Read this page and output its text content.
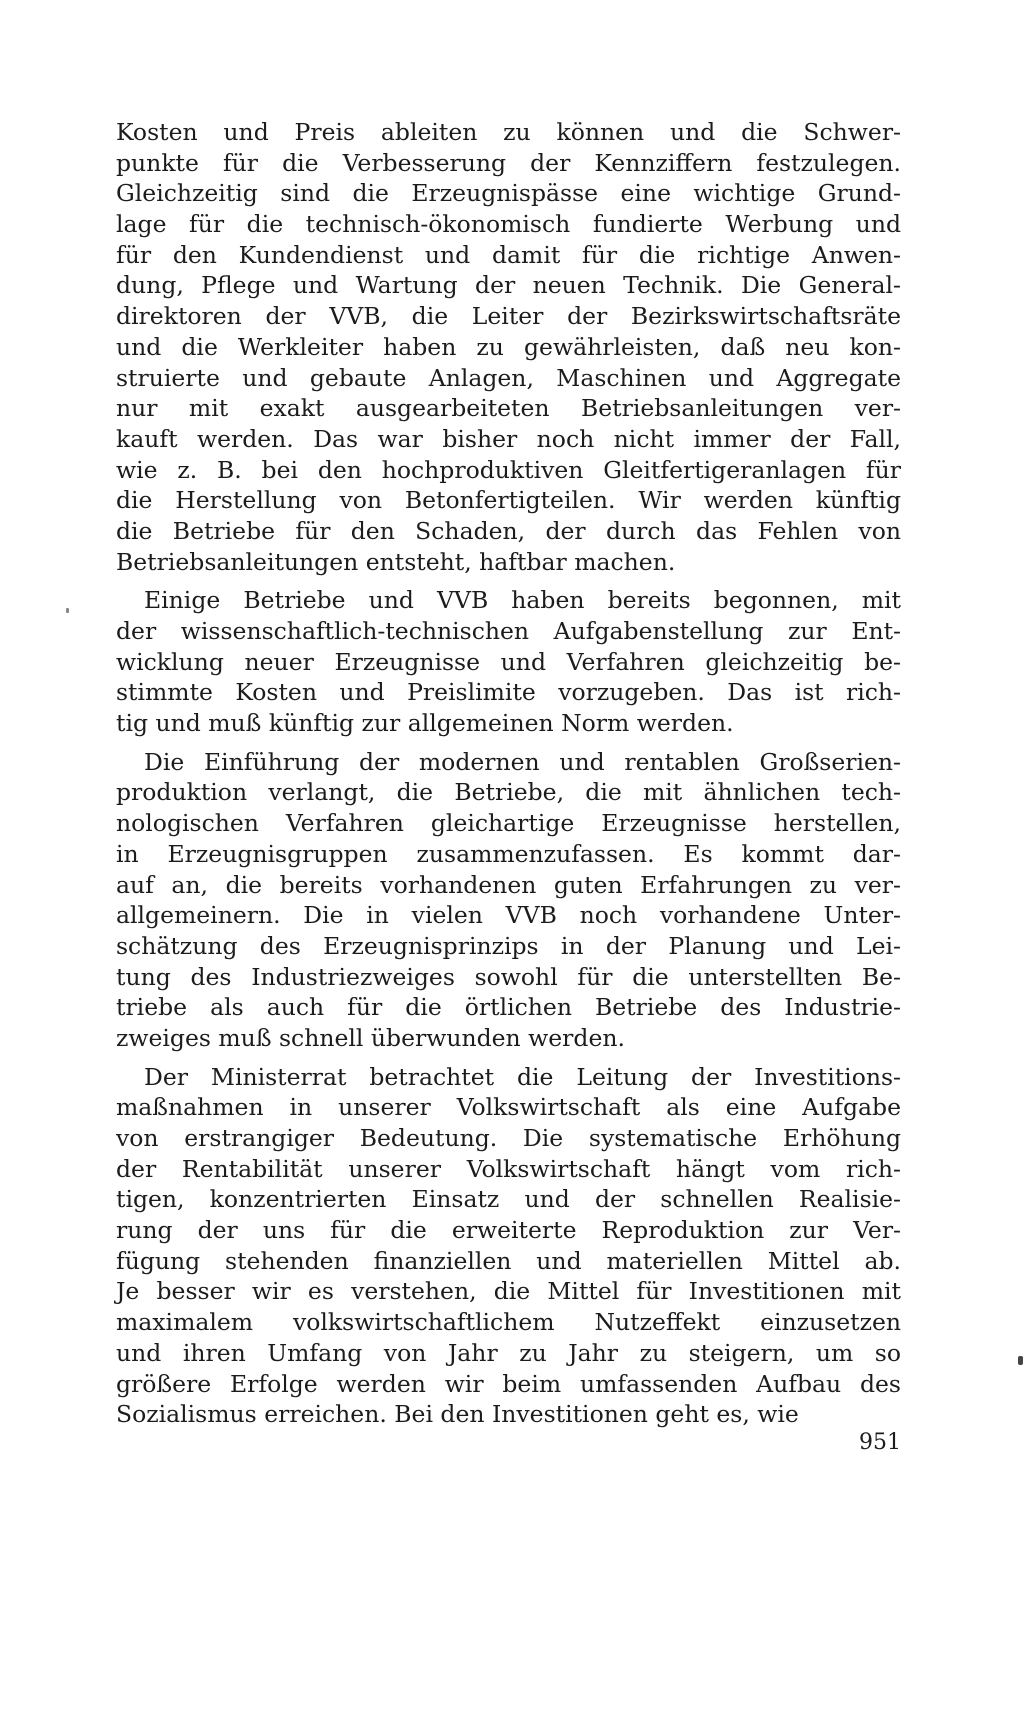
Kosten und Preis ableiten zu können und die Schwer-
punkte für die Verbesserung der Kennziffern festzulegen.
Gleichzeitig sind die Erzeugnispässe eine wichtige Grund-
lage für die technisch-ökonomisch fundierte Werbung und
für den Kundendienst und damit für die richtige Anwen-
dung, Pflege und Wartung der neuen Technik. Die General-
direktoren der VVB, die Leiter der Bezirkswirtschaftsräte
und die Werkleiter haben zu gewährleisten, daß neu kon-
struierte und gebaute Anlagen, Maschinen und Aggregate
nur mit exakt ausgearbeiteten Betriebsanleitungen ver-
kauft werden. Das war bisher noch nicht immer der Fall,
wie z. B. bei den hochproduktiven Gleitfertigeranlagen für
die Herstellung von Betonfertigteilen. Wir werden künftig
die Betriebe für den Schaden, der durch das Fehlen von
Betriebsanleitungen entsteht, haftbar machen.

Einige Betriebe und VVB haben bereits begonnen, mit
der wissenschaftlich-technischen Aufgabenstellung zur Ent-
wicklung neuer Erzeugnisse und Verfahren gleichzeitig be-
stimmte Kosten und Preislimite vorzugeben. Das ist rich-
tig und muß künftig zur allgemeinen Norm werden.

Die Einführung der modernen und rentablen Großserien-
produktion verlangt, die Betriebe, die mit ähnlichen tech-
nologischen Verfahren gleichartige Erzeugnisse herstellen,
in Erzeugnisgruppen zusammenzufassen. Es kommt dar-
auf an, die bereits vorhandenen guten Erfahrungen zu ver-
allgemeinern. Die in vielen VVB noch vorhandene Unter-
schätzung des Erzeugnisprinzips in der Planung und Lei-
tung des Industriezweiges sowohl für die unterstellten Be-
triebe als auch für die örtlichen Betriebe des Industrie-
zweiges muß schnell überwunden werden.

Der Ministerrat betrachtet die Leitung der Investitions-
maßnahmen in unserer Volkswirtschaft als eine Aufgabe
von erstrangiger Bedeutung. Die systematische Erhöhung
der Rentabilität unserer Volkswirtschaft hängt vom rich-
tigen, konzentrierten Einsatz und der schnellen Realisie-
rung der uns für die erweiterte Reproduktion zur Ver-
fügung stehenden finanziellen und materiellen Mittel ab.
Je besser wir es verstehen, die Mittel für Investitionen mit
maximalem volkswirtschaftlichem Nutzeffekt einzusetzen
und ihren Umfang von Jahr zu Jahr zu steigern, um so
größere Erfolge werden wir beim umfassenden Aufbau des
Sozialismus erreichen. Bei den Investitionen geht es, wie

951
